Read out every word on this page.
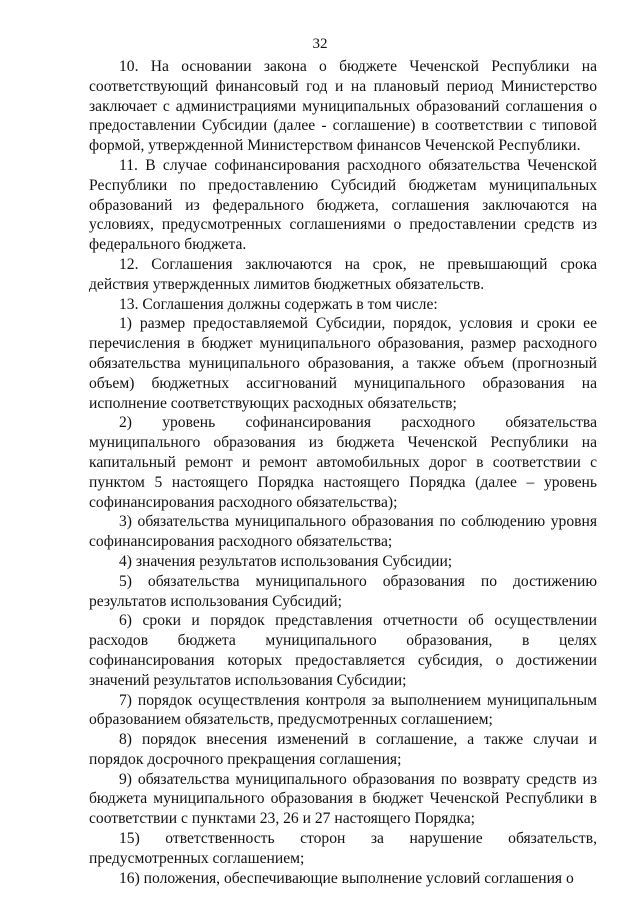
32

10. На основании закона о бюджете Чеченской Республики на соответствующий финансовый год и на плановый период Министерство заключает с администрациями муниципальных образований соглашения о предоставлении Субсидии (далее - соглашение) в соответствии с типовой формой, утвержденной Министерством финансов Чеченской Республики.

11. В случае софинансирования расходного обязательства Чеченской Республики по предоставлению Субсидий бюджетам муниципальных образований из федерального бюджета, соглашения заключаются на условиях, предусмотренных соглашениями о предоставлении средств из федерального бюджета.

12. Соглашения заключаются на срок, не превышающий срока действия утвержденных лимитов бюджетных обязательств.

13. Соглашения должны содержать в том числе:

1) размер предоставляемой Субсидии, порядок, условия и сроки ее перечисления в бюджет муниципального образования, размер расходного обязательства муниципального образования, а также объем (прогнозный объем) бюджетных ассигнований муниципального образования на исполнение соответствующих расходных обязательств;

2) уровень софинансирования расходного обязательства муниципального образования из бюджета Чеченской Республики на капитальный ремонт и ремонт автомобильных дорог в соответствии с пунктом 5 настоящего Порядка настоящего Порядка (далее – уровень софинансирования расходного обязательства);

3) обязательства муниципального образования по соблюдению уровня софинансирования расходного обязательства;

4) значения результатов использования Субсидии;

5) обязательства муниципального образования по достижению результатов использования Субсидий;

6) сроки и порядок представления отчетности об осуществлении расходов бюджета муниципального образования, в целях софинансирования которых предоставляется субсидия, о достижении значений результатов использования Субсидии;

7) порядок осуществления контроля за выполнением муниципальным образованием обязательств, предусмотренных соглашением;

8) порядок внесения изменений в соглашение, а также случаи и порядок досрочного прекращения соглашения;

9) обязательства муниципального образования по возврату средств из бюджета муниципального образования в бюджет Чеченской Республики в соответствии с пунктами 23, 26 и 27 настоящего Порядка;

15) ответственность сторон за нарушение обязательств, предусмотренных соглашением;

16) положения, обеспечивающие выполнение условий соглашения о
